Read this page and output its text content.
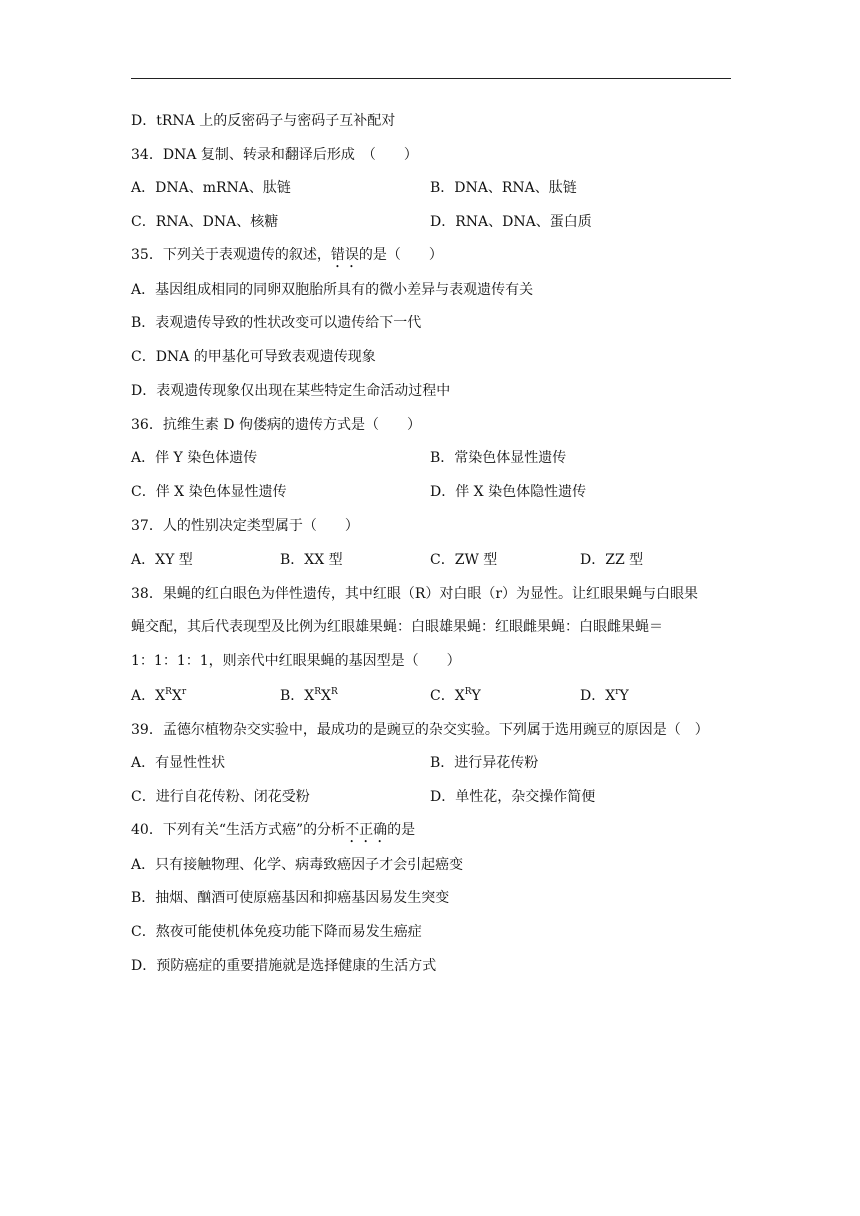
D．tRNA 上的反密码子与密码子互补配对
34．DNA 复制、转录和翻译后形成　（　　）
A．DNA、mRNA、肽链	B．DNA、RNA、肽链
C．RNA、DNA、核糖	D．RNA、DNA、蛋白质
35．下列关于表观遗传的叙述，错误的是（　　）
A．基因组成相同的同卵双胞胎所具有的微小差异与表观遗传有关
B．表观遗传导致的性状改变可以遗传给下一代
C．DNA 的甲基化可导致表观遗传现象
D．表观遗传现象仅出现在某些特定生命活动过程中
36．抗维生素 D 佝偻病的遗传方式是（　　）
A．伴 Y 染色体遗传	B．常染色体显性遗传
C．伴 X 染色体显性遗传	D．伴 X 染色体隐性遗传
37．人的性别决定类型属于（　　）
A．XY 型	B．XX 型	C．ZW 型	D．ZZ 型
38．果蝇的红白眼色为伴性遗传，其中红眼（R）对白眼（r）为显性。让红眼果蝇与白眼果
蝇交配，其后代表现型及比例为红眼雄果蝇：白眼雄果蝇：红眼雌果蝇：白眼雌果蝇＝
1：1：1：1，则亲代中红眼果蝇的基因型是（　　）
A．$X^RX^r$	B．$X^RX^R$	C．$X^RY$	D．$X^rY$
39．孟德尔植物杂交实验中，最成功的是豌豆的杂交实验。下列属于选用豌豆的原因是（　）
A．有显性性状	B．进行异花传粉
C．进行自花传粉、闭花受粉	D．单性花，杂交操作简便
40．下列有关“生活方式癌”的分析不正确的是
A．只有接触物理、化学、病毒致癌因子才会引起癌变
B．抽烟、酗酒可使原癌基因和抑癌基因易发生突变
C．熬夜可能使机体免疫功能下降而易发生癌症
D．预防癌症的重要措施就是选择健康的生活方式
